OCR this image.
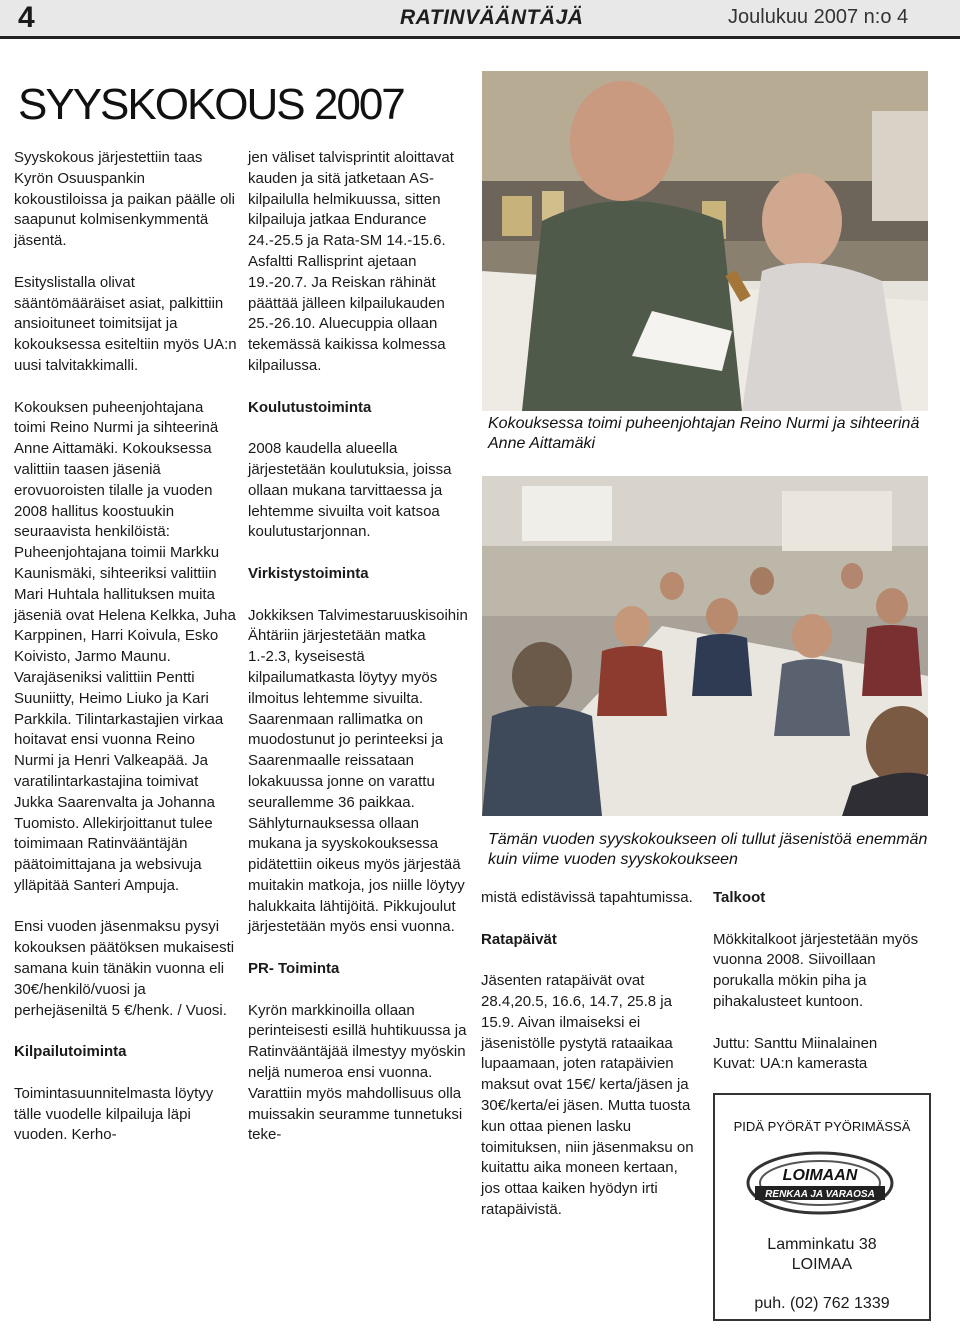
4	RATINVÄÄNTÄJÄ	Joulukuu 2007 n:o 4
SYYSKOKOUS 2007

Syyskokous järjestettiin taas Kyrön Osuuspankin kokoustiloissa ja paikan päälle oli saapunut kolmisenkymmentä jäsentä.

Esityslistalla olivat sääntömääräiset asiat, palkittiin ansioituneet toimitsijat ja kokouksessa esiteltiin myös UA:n uusi talvitakkimalli.

Kokouksen puheenjohtajana toimi Reino Nurmi ja sihteerinä Anne Aittamäki. Kokouksessa valittiin taasen jäseniä erovuoroisten tilalle ja vuoden 2008 hallitus koostuukin seuraavista henkilöistä: Puheenjohtajana toimii Markku Kaunismäki, sihteeriksi valittiin Mari Huhtala hallituksen muita jäseniä ovat Helena Kelkka, Juha Karppinen, Harri Koivula, Esko Koivisto, Jarmo Maunu. Varajäseniksi valittiin Pentti Suuniitty, Heimo Liuko ja Kari Parkkila. Tilintarkastajien virkaa hoitavat ensi vuonna Reino Nurmi ja Henri Valkeapää. Ja varatilintarkastajina toimivat Jukka Saarenvalta ja Johanna Tuomisto. Allekirjoittanut tulee toimimaan Ratinvääntäjän päätoimittajana ja websivuja ylläpitää Santeri Ampuja.

Ensi vuoden jäsenmaksu pysyi kokouksen päätöksen mukaisesti samana kuin tänäkin vuonna eli 30€/henkilö/vuosi ja perhejäseniltä 5 €/henk. / Vuosi.

Kilpailutoiminta

Toimintasuunnitelmasta löytyy tälle vuodelle kilpailuja läpi vuoden. Kerho-

jen väliset talvisprintit aloittavat kauden ja sitä jatketaan AS-kilpailulla helmikuussa, sitten kilpailuja jatkaa Endurance 24.-25.5 ja Rata-SM 14.-15.6. Asfaltti Rallisprint ajetaan 19.-20.7. Ja Reiskan rähinät päättää jälleen kilpailukauden 25.-26.10. Aluecuppia ollaan tekemässä kaikissa kolmessa kilpailussa.

Koulutustoiminta

2008 kaudella alueella järjestetään koulutuksia, joissa ollaan mukana tarvittaessa ja lehtemme sivuilta voit katsoa koulutustarjonnan.

Virkistystoiminta

Jokkiksen Talvimestaruuskisoihin Ähtäriin järjestetään matka 1.-2.3, kyseisestä kilpailumatkasta löytyy myös ilmoitus lehtemme sivuilta. Saarenmaan rallimatka on muodostunut jo perinteeksi ja Saarenmaalle reissataan lokakuussa jonne on varattu seurallemme 36 paikkaa. Sählyturnauksessa ollaan mukana ja syyskokouksessa pidätettiin oikeus myös järjestää muitakin matkoja, jos niille löytyy halukkaita lähtijöitä. Pikkujoulut järjestetään myös ensi vuonna.

PR- Toiminta

Kyrön markkinoilla ollaan perinteisesti esillä huhtikuussa ja Ratinvääntäjää ilmestyy myöskin neljä numeroa ensi vuonna. Varattiin myös mahdollisuus olla muissakin seuramme tunnetuksi teke-

mistä edistävissä tapahtumissa.

Ratapäivät

Jäsenten ratapäivät ovat 28.4,20.5, 16.6, 14.7, 25.8 ja 15.9. Aivan ilmaiseksi ei jäsenistölle pystytä rataaikaa lupaamaan, joten ratapäivien maksut ovat 15€/ kerta/jäsen ja 30€/kerta/ei jäsen. Mutta tuosta kun ottaa pienen lasku toimituksen, niin jäsenmaksu on kuitattu aika moneen kertaan, jos ottaa kaiken hyödyn irti ratapäivistä.

Talkoot

Mökkitalkoot järjestetään myös vuonna 2008. Siivoillaan porukalla mökin piha ja pihakalusteet kuntoon.

Juttu: Santtu Miinalainen

Kuvat: UA:n kamerasta

Kokouksessa toimi puheenjohtajan Reino Nurmi ja sihteerinä Anne Aittamäki
Tämän vuoden syyskokoukseen oli tullut jäsenistöä enemmän kuin viime vuoden syyskokoukseen
PIDÄ PYÖRÄT PYÖRIMÄSSÄ
LOIMAAN
RENKAA JA VARAOSA
Lamminkatu 38
LOIMAA
puh. (02) 762 1339
